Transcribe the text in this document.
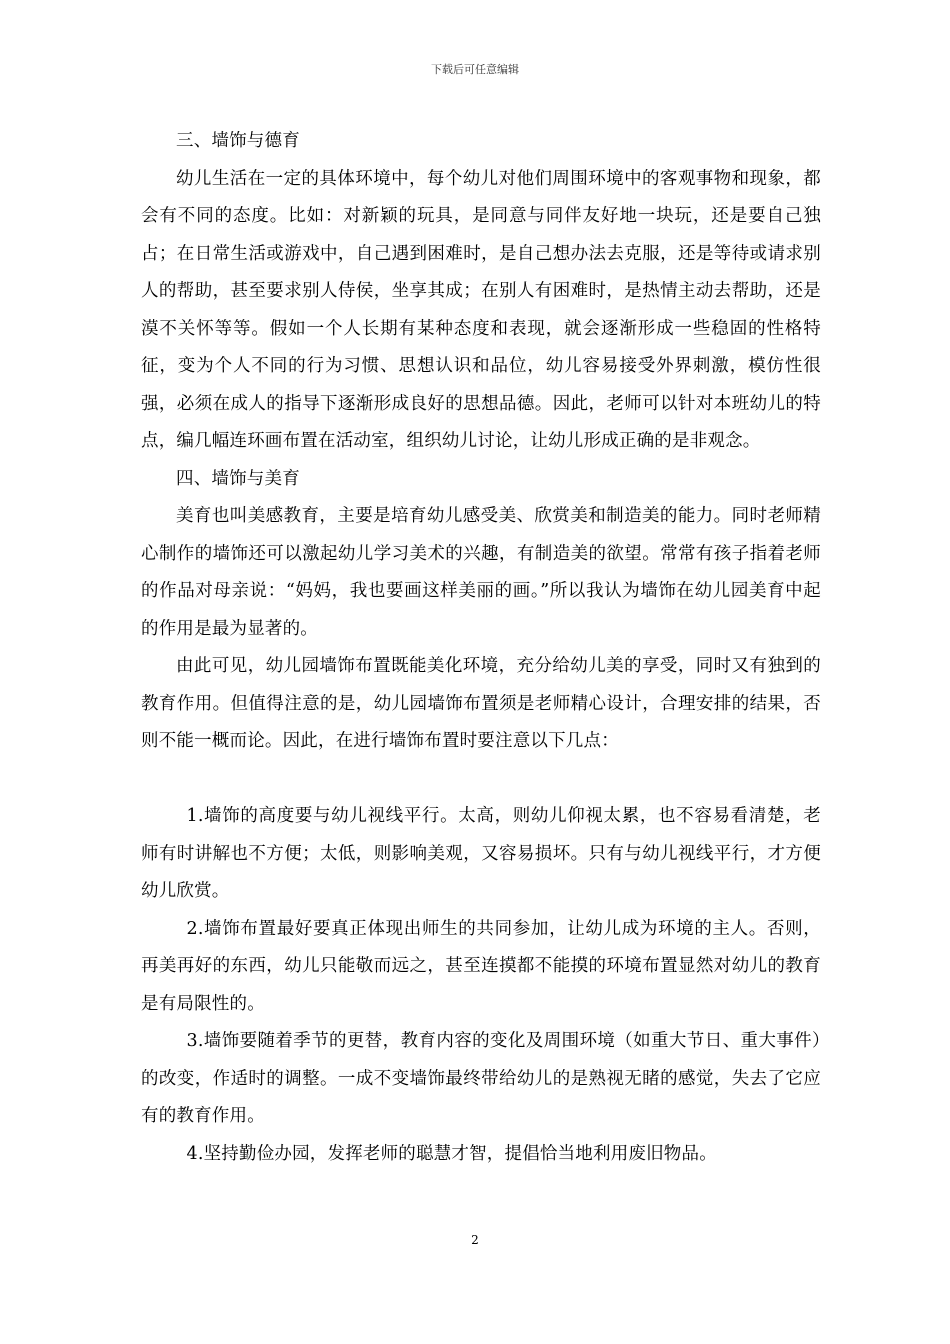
下载后可任意编辑

三、墙饰与德育

幼儿生活在一定的具体环境中，每个幼儿对他们周围环境中的客观事物和现象，都会有不同的态度。比如：对新颖的玩具，是同意与同伴友好地一块玩，还是要自己独占；在日常生活或游戏中，自己遇到困难时，是自己想办法去克服，还是等待或请求别人的帮助，甚至要求别人侍侯，坐享其成；在别人有困难时，是热情主动去帮助，还是漠不关怀等等。假如一个人长期有某种态度和表现，就会逐渐形成一些稳固的性格特征，变为个人不同的行为习惯、思想认识和品位，幼儿容易接受外界刺激，模仿性很强，必须在成人的指导下逐渐形成良好的思想品德。因此，老师可以针对本班幼儿的特点，编几幅连环画布置在活动室，组织幼儿讨论，让幼儿形成正确的是非观念。

四、墙饰与美育

美育也叫美感教育，主要是培育幼儿感受美、欣赏美和制造美的能力。同时老师精心制作的墙饰还可以激起幼儿学习美术的兴趣，有制造美的欲望。常常有孩子指着老师的作品对母亲说：“妈妈，我也要画这样美丽的画。”所以我认为墙饰在幼儿园美育中起的作用是最为显著的。

由此可见，幼儿园墙饰布置既能美化环境，充分给幼儿美的享受，同时又有独到的教育作用。但值得注意的是，幼儿园墙饰布置须是老师精心设计，合理安排的结果，否则不能一概而论。因此，在进行墙饰布置时要注意以下几点：

1.墙饰的高度要与幼儿视线平行。太高，则幼儿仰视太累，也不容易看清楚，老师有时讲解也不方便；太低，则影响美观，又容易损坏。只有与幼儿视线平行，才方便幼儿欣赏。

2.墙饰布置最好要真正体现出师生的共同参加，让幼儿成为环境的主人。否则，再美再好的东西，幼儿只能敬而远之，甚至连摸都不能摸的环境布置显然对幼儿的教育是有局限性的。

3.墙饰要随着季节的更替，教育内容的变化及周围环境（如重大节日、重大事件）的改变，作适时的调整。一成不变墙饰最终带给幼儿的是熟视无睹的感觉，失去了它应有的教育作用。

4.坚持勤俭办园，发挥老师的聪慧才智，提倡恰当地利用废旧物品。

2
